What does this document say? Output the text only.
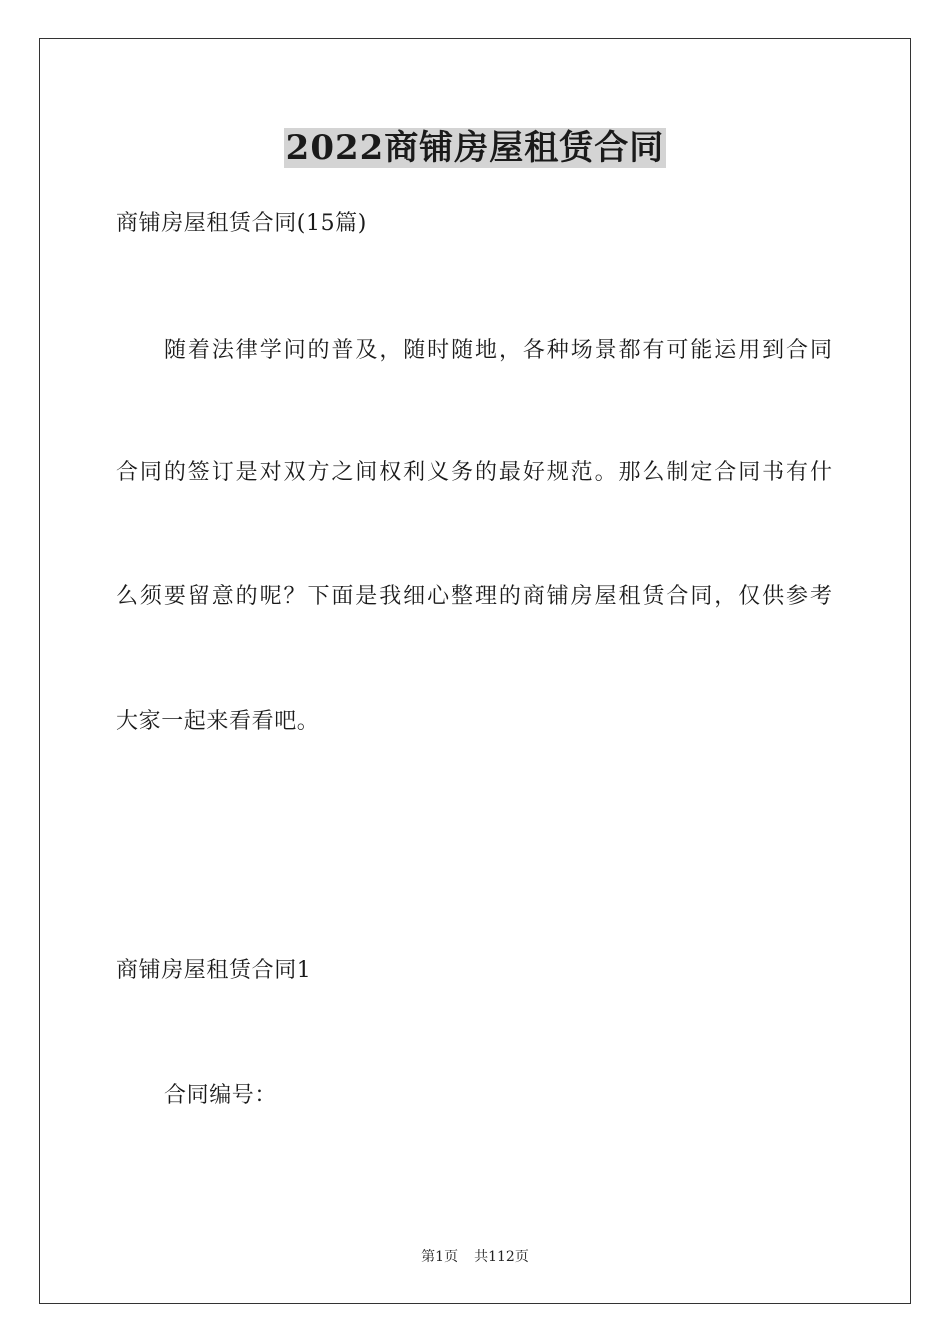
2022商铺房屋租赁合同
商铺房屋租赁合同(15篇)
随着法律学问的普及，随时随地，各种场景都有可能运用到合同
合同的签订是对双方之间权利义务的最好规范。那么制定合同书有什
么须要留意的呢？下面是我细心整理的商铺房屋租赁合同，仅供参考
大家一起来看看吧。
商铺房屋租赁合同1
合同编号：
第1页 共112页
